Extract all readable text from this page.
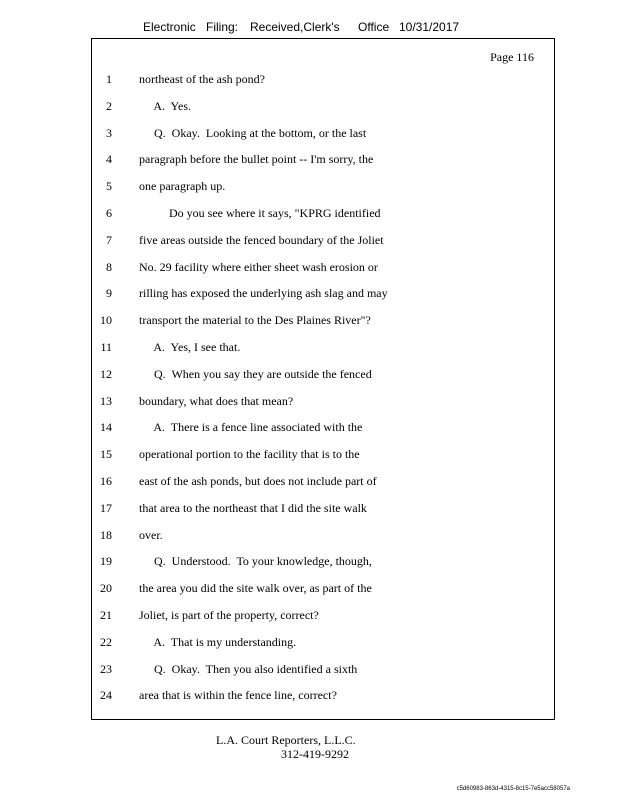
Electronic Filing: Received,Clerk's Office 10/31/2017
Page 116
1 northeast of the ash pond?
2 A.  Yes.
3 Q.  Okay.  Looking at the bottom, or the last
4 paragraph before the bullet point -- I'm sorry, the
5 one paragraph up.
6 Do you see where it says, "KPRG identified
7 five areas outside the fenced boundary of the Joliet
8 No. 29 facility where either sheet wash erosion or
9 rilling has exposed the underlying ash slag and may
10 transport the material to the Des Plaines River"?
11 A.  Yes, I see that.
12 Q.  When you say they are outside the fenced
13 boundary, what does that mean?
14 A.  There is a fence line associated with the
15 operational portion to the facility that is to the
16 east of the ash ponds, but does not include part of
17 that area to the northeast that I did the site walk
18 over.
19 Q.  Understood.  To your knowledge, though,
20 the area you did the site walk over, as part of the
21 Joliet, is part of the property, correct?
22 A.  That is my understanding.
23 Q.  Okay.  Then you also identified a sixth
24 area that is within the fence line, correct?
L.A. Court Reporters, L.L.C.
312-419-9292
c5d60983-863d-4315-8c15-7e5acc58057a
